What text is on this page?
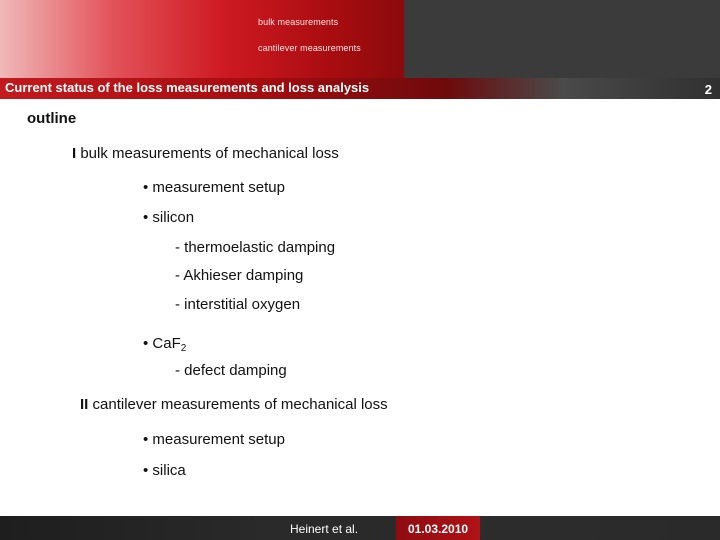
bulk measurements
cantilever measurements
Current status of the loss measurements and loss analysis	2
outline
I bulk measurements of mechanical loss
• measurement setup
• silicon
- thermoelastic damping
- Akhieser damping
- interstitial oxygen
• CaF$_2$
- defect damping
II cantilever measurements of mechanical loss
• measurement setup
• silica
Heinert et al.	01.03.2010
